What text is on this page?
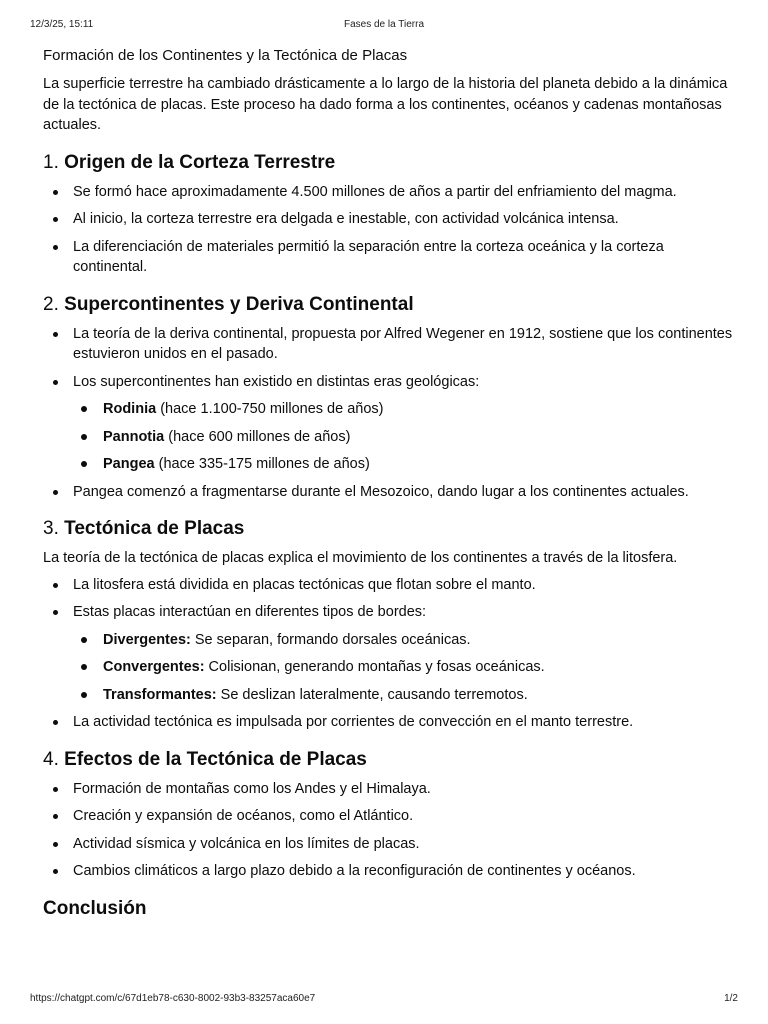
12/3/25, 15:11	Fases de la Tierra
Formación de los Continentes y la Tectónica de Placas

La superficie terrestre ha cambiado drásticamente a lo largo de la historia del planeta debido a la dinámica de la tectónica de placas. Este proceso ha dado forma a los continentes, océanos y cadenas montañosas actuales.

1. Origen de la Corteza Terrestre
Se formó hace aproximadamente 4.500 millones de años a partir del enfriamiento del magma.
Al inicio, la corteza terrestre era delgada e inestable, con actividad volcánica intensa.
La diferenciación de materiales permitió la separación entre la corteza oceánica y la corteza continental.
2. Supercontinentes y Deriva Continental
La teoría de la deriva continental, propuesta por Alfred Wegener en 1912, sostiene que los continentes estuvieron unidos en el pasado.
Los supercontinentes han existido en distintas eras geológicas:
Rodinia (hace 1.100-750 millones de años)
Pannotia (hace 600 millones de años)
Pangea (hace 335-175 millones de años)
Pangea comenzó a fragmentarse durante el Mesozoico, dando lugar a los continentes actuales.
3. Tectónica de Placas

La teoría de la tectónica de placas explica el movimiento de los continentes a través de la litosfera.

La litosfera está dividida en placas tectónicas que flotan sobre el manto.
Estas placas interactúan en diferentes tipos de bordes:
Divergentes: Se separan, formando dorsales oceánicas.
Convergentes: Colisionan, generando montañas y fosas oceánicas.
Transformantes: Se deslizan lateralmente, causando terremotos.
La actividad tectónica es impulsada por corrientes de convección en el manto terrestre.
4. Efectos de la Tectónica de Placas
Formación de montañas como los Andes y el Himalaya.
Creación y expansión de océanos, como el Atlántico.
Actividad sísmica y volcánica en los límites de placas.
Cambios climáticos a largo plazo debido a la reconfiguración de continentes y océanos.
Conclusión
https://chatgpt.com/c/67d1eb78-c630-8002-93b3-83257aca60e7	1/2
